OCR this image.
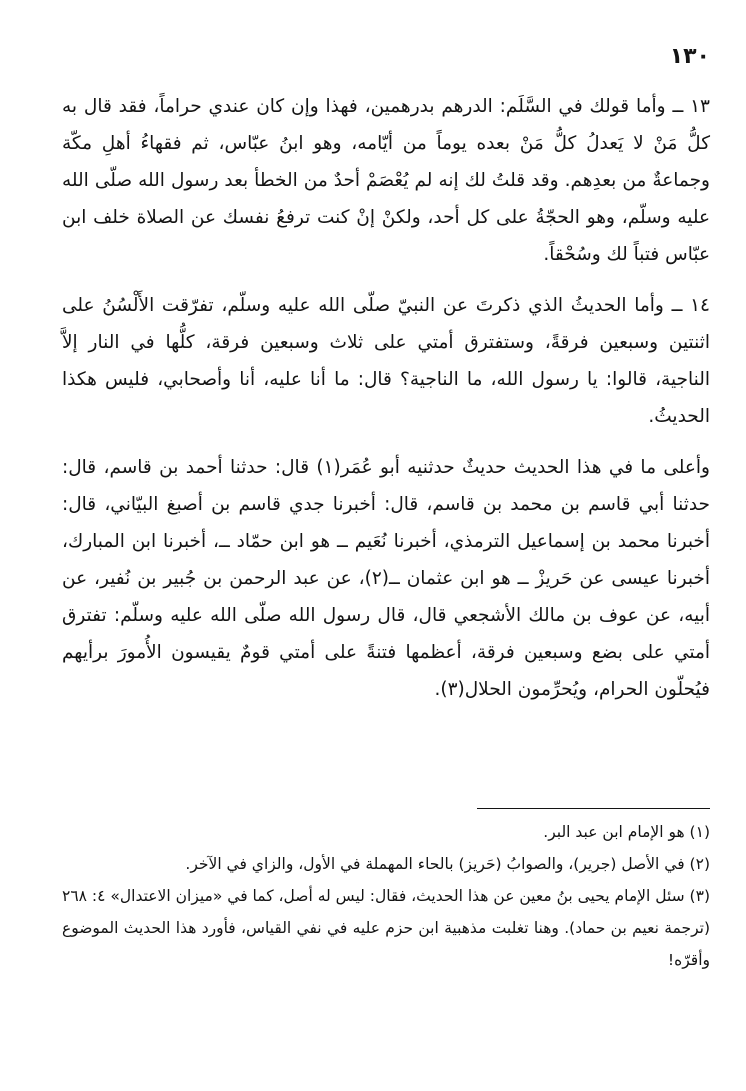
١٣٠

١٣ ــ وأما قولك في السَّلَم: الدرهم بدرهمين، فهذا وإن كان عندي حراماً، فقد قال به كلُّ مَنْ لا يَعدلُ كلُّ مَنْ بعده يوماً من أيّامه، وهو ابنُ عبّاس، ثم فقهاءُ أهلِ مكّة وجماعةٌ من بعدِهم. وقد قلتُ لك إنه لم يُعْصَمْ أحدٌ من الخطأ بعد رسول الله صلّى الله عليه وسلّم، وهو الحجّةُ على كل أحد، ولكنْ إنْ كنت ترفعُ نفسك عن الصلاة خلف ابن عبّاس فتباً لك وسُحْقاً.

١٤ ــ وأما الحديثُ الذي ذكرتَ عن النبيّ صلّى الله عليه وسلّم، تفرّقت الأَلْسُنُ على اثنتين وسبعين فرقةً، وستفترق أمتي على ثلاث وسبعين فرقة، كلُّها في النار إلاَّ الناجية، قالوا: يا رسول الله، ما الناجية؟ قال: ما أنا عليه، أنا وأصحابي، فليس هكذا الحديثُ.

وأعلى ما في هذا الحديث حديثٌ حدثنيه أبو عُمَر(١) قال: حدثنا أحمد بن قاسم، قال: حدثنا أبي قاسم بن محمد بن قاسم، قال: أخبرنا جدي قاسم بن أصبغ البيّاني، قال: أخبرنا محمد بن إسماعيل الترمذي، أخبرنا نُعَيم ــ هو ابن حمّاد ــ، أخبرنا ابن المبارك، أخبرنا عيسى عن حَريزْ ــ هو ابن عثمان ــ(٢)، عن عبد الرحمن بن جُبير بن نُفير، عن أبيه، عن عوف بن مالك الأشجعي قال، قال رسول الله صلّى الله عليه وسلّم: تفترق أمتي على بضع وسبعين فرقة، أعظمها فتنةً على أمتي قومٌ يقيسون الأُمورَ برأيهم فيُحلّون الحرام، ويُحرِّمون الحلال(٣).

(١) هو الإمام ابن عبد البر.

(٢) في الأصل (جرير)، والصوابُ (حَريز) بالحاء المهملة في الأول، والزاي في الآخر.

(٣) سئل الإمام يحيى بنُ معين عن هذا الحديث، فقال: ليس له أصل، كما في «ميزان الاعتدال» ٤: ٢٦٨ (ترجمة نعيم بن حماد). وهنا تغلبت مذهبية ابن حزم عليه في نفي القياس، فأورد هذا الحديث الموضوع وأقرّه!
